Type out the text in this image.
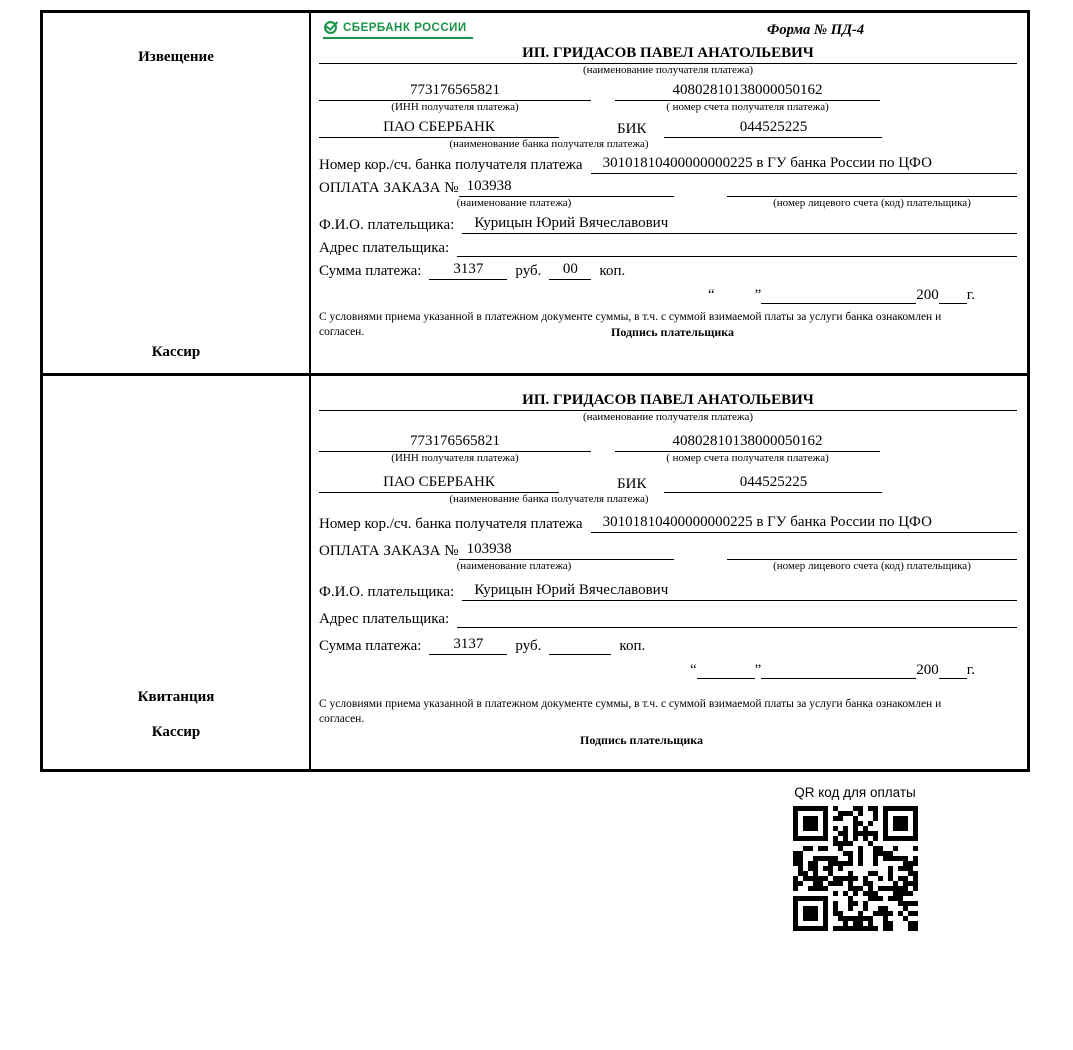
Извещение
Кассир
СБЕРБАНК РОССИИ	Форма № ПД-4
ИП. ГРИДАСОВ ПАВЕЛ АНАТОЛЬЕВИЧ
(наименование получателя платежа)
773176565821	40802810138000050162
(ИНН получателя платежа)	( номер счета получателя платежа)
ПАО СБЕРБАНК	БИК	044525225
(наименование банка получателя платежа)
Номер кор./сч. банка получателя платежа	30101810400000000225 в ГУ банка России по ЦФО
ОПЛАТА ЗАКАЗА № 103938
(наименование платежа)	(номер лицевого счета (код) плательщика)
Ф.И.О. плательщика:	Курицын Юрий Вячеславович
Адрес плательщика:
Сумма платежа:	3137	руб.	00	коп.
“	”	200 г.

С условиями приема указанной в платежном документе суммы, в т.ч. с суммой взимаемой платы за услуги банка ознакомлен и согласен.	Подпись плательщика
Квитанция
Кассир
ИП. ГРИДАСОВ ПАВЕЛ АНАТОЛЬЕВИЧ
(наименование получателя платежа)
773176565821	40802810138000050162
(ИНН получателя платежа)	( номер счета получателя платежа)
ПАО СБЕРБАНК	БИК	044525225
(наименование банка получателя платежа)
Номер кор./сч. банка получателя платежа	30101810400000000225 в ГУ банка России по ЦФО
ОПЛАТА ЗАКАЗА № 103938
(наименование платежа)	(номер лицевого счета (код) плательщика)
Ф.И.О. плательщика:	Курицын Юрий Вячеславович
Адрес плательщика:
Сумма платежа:	3137	руб.	коп.
“	”	200 г.

С условиями приема указанной в платежном документе суммы, в т.ч. с суммой взимаемой платы за услуги банка ознакомлен и согласен.

Подпись плательщика
QR код для оплаты
